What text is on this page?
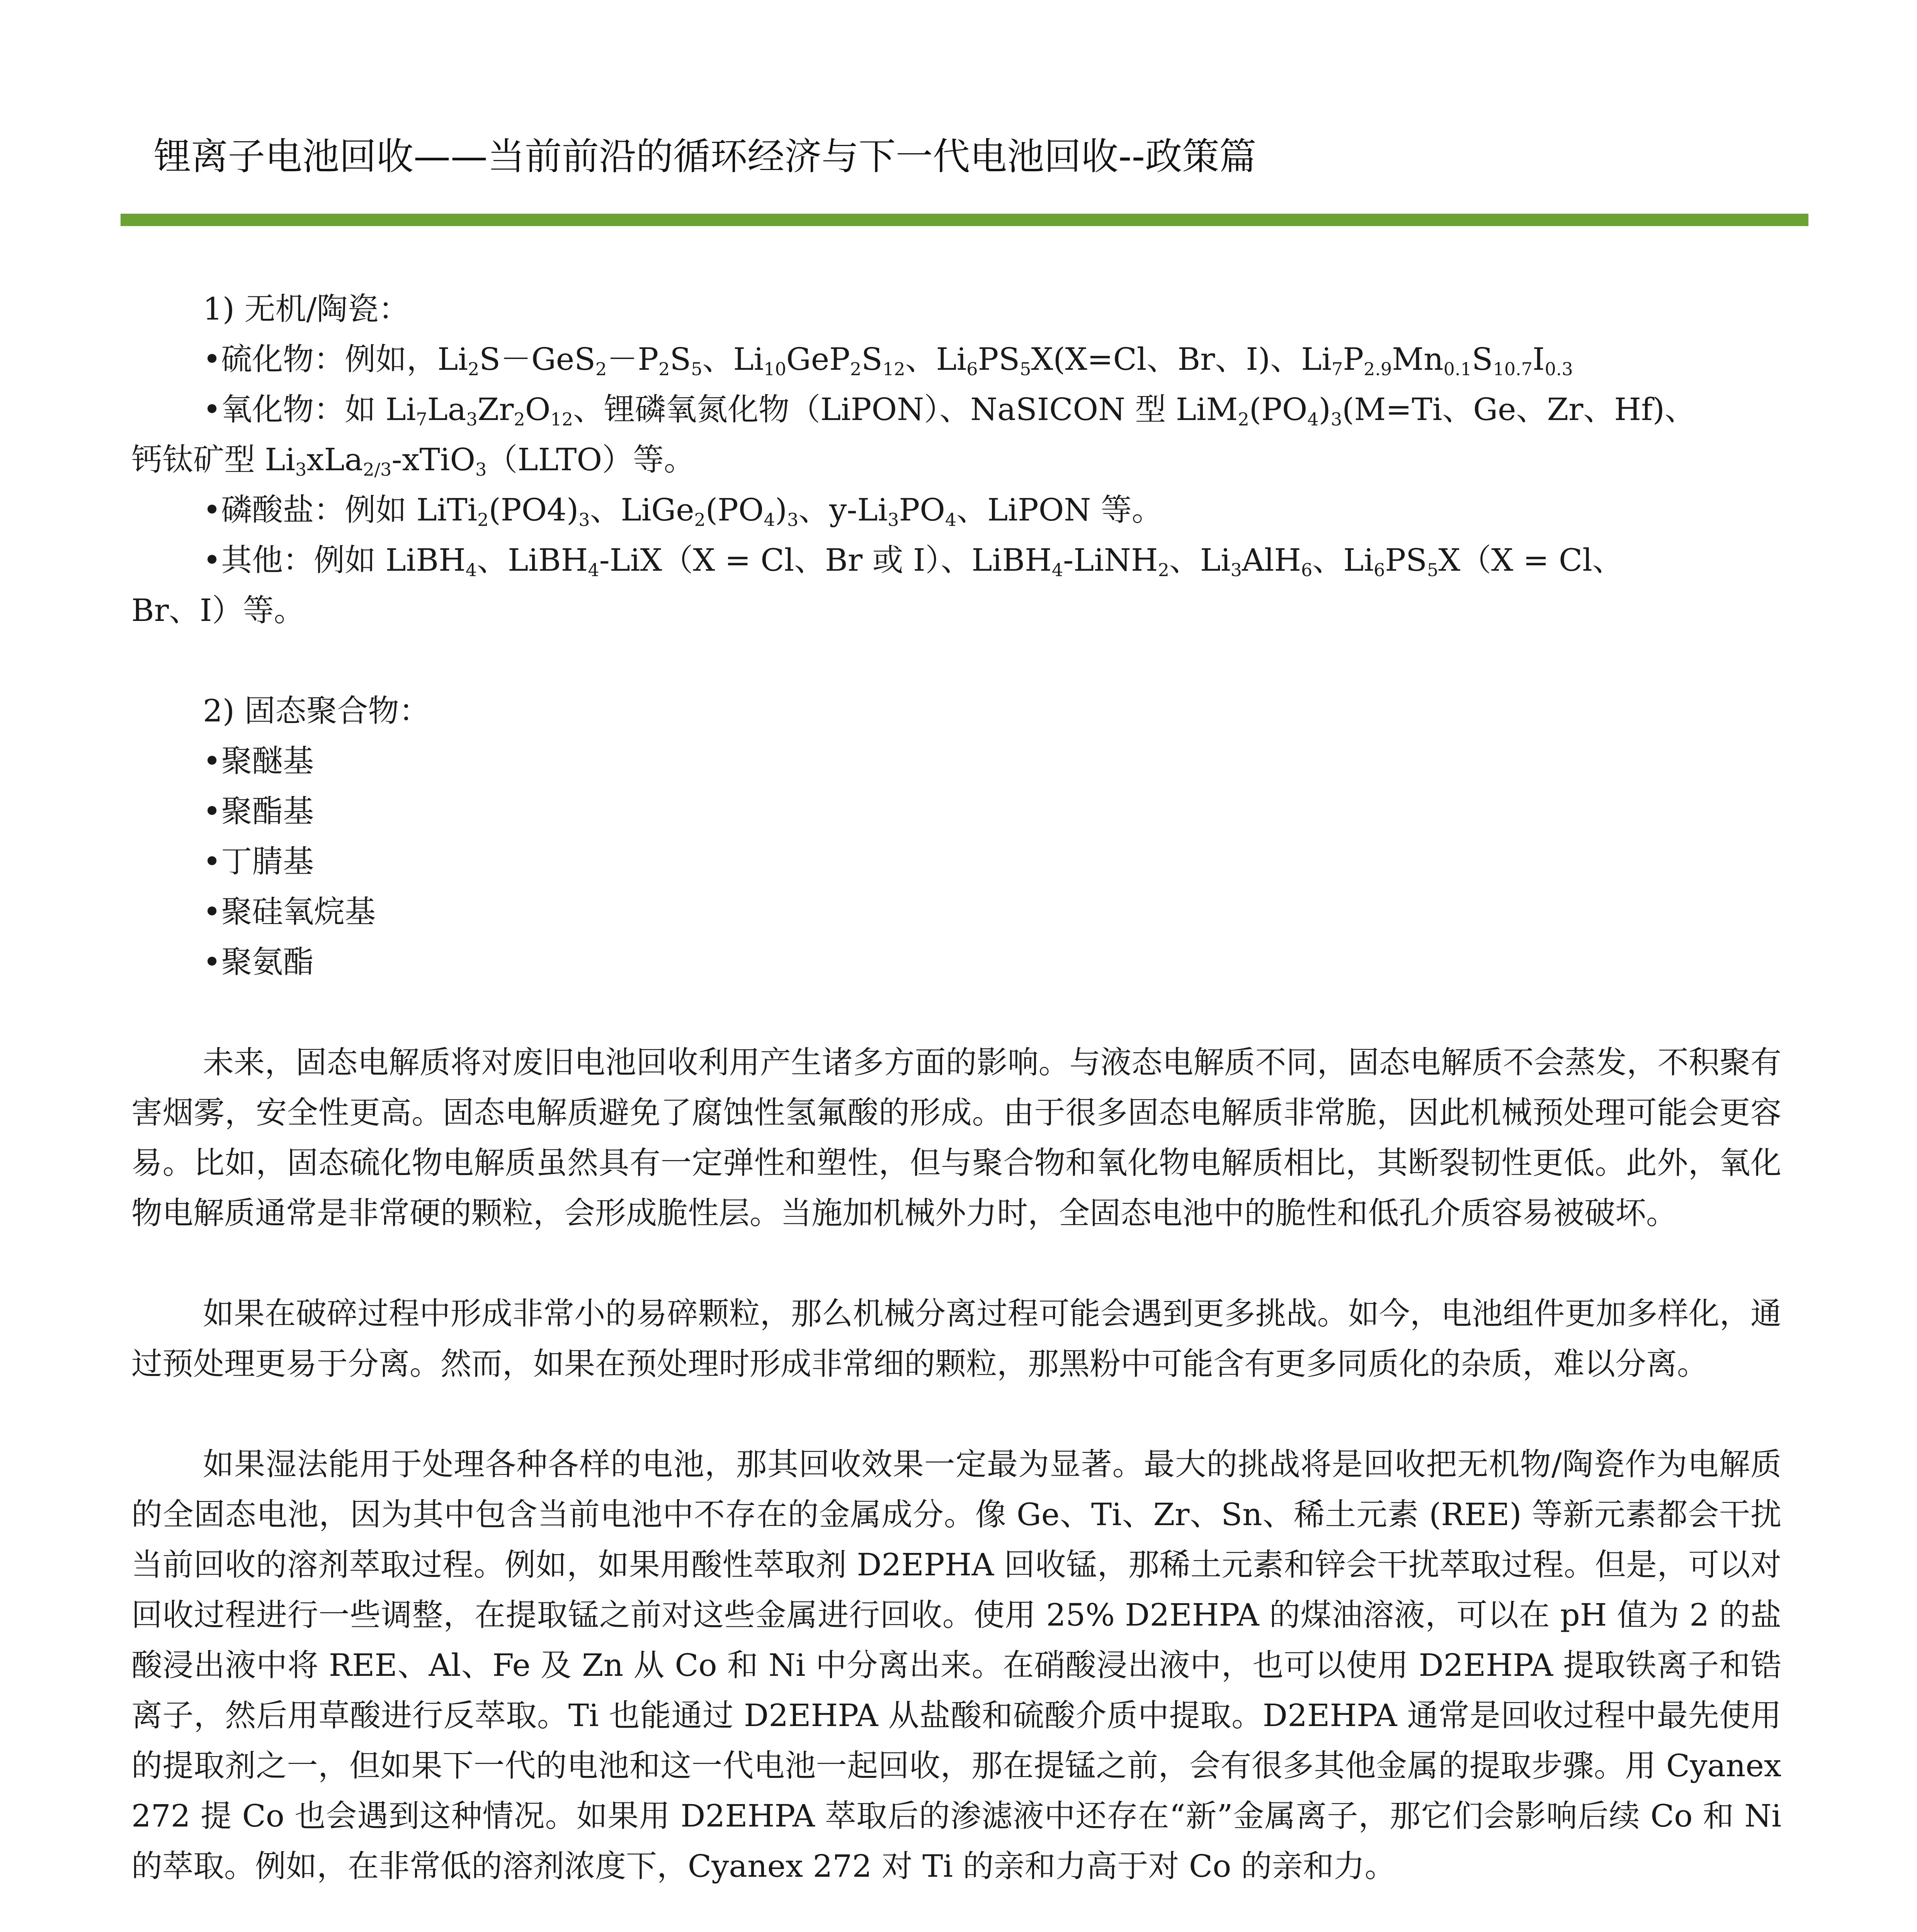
锂离子电池回收——当前前沿的循环经济与下一代电池回收--政策篇
1) 无机/陶瓷：
•硫化物：例如，$Li_2S-GeS_2-P_2S_5$、$Li_{10}GeP_2S_{12}$、$Li_6PS_5X(X=Cl$、Br、I)、$Li_7P_{2.9}Mn_{0.1}S_{10.7}I_{0.3}$
•氧化物：如 $Li_7La_3Zr_2O_{12}$、锂磷氧氮化物（LiPON）、NaSICON 型 $LiM_2(PO_4)_3(M=Ti$、Ge、Zr、Hf)、
钙钛矿型 $Li_3xLa_{2/3}-xTiO_3(LLTO)$等。
•磷酸盐：例如 $LiTi_2(PO4)_3$、$LiGe_2(PO_4)_3$、$y-Li_3PO_4$、LiPON 等。
•其他：例如 LiBH$_4$、LiBH$_4$-LiX（X = Cl、Br 或 I）、LiBH$_4$-LiNH$_2$、$Li_3AlH_6$、$Li_6PS_5X(X = Cl$、
Br、I）等。
2) 固态聚合物：
•聚醚基
•聚酯基
•丁腈基
•聚硅氧烷基
•聚氨酯

未来，固态电解质将对废旧电池回收利用产生诸多方面的影响。与液态电解质不同，固态电解质不会蒸发，不积聚有害烟雾，安全性更高。固态电解质避免了腐蚀性氢氟酸的形成。由于很多固态电解质非常脆，因此机械预处理可能会更容易。比如，固态硫化物电解质虽然具有一定弹性和塑性，但与聚合物和氧化物电解质相比，其断裂韧性更低。此外，氧化物电解质通常是非常硬的颗粒，会形成脆性层。当施加机械外力时，全固态电池中的脆性和低孔介质容易被破坏。

如果在破碎过程中形成非常小的易碎颗粒，那么机械分离过程可能会遇到更多挑战。如今，电池组件更加多样化，通过预处理更易于分离。然而，如果在预处理时形成非常细的颗粒，那黑粉中可能含有更多同质化的杂质，难以分离。

如果湿法能用于处理各种各样的电池，那其回收效果一定最为显著。最大的挑战将是回收把无机物/陶瓷作为电解质的全固态电池，因为其中包含当前电池中不存在的金属成分。像 Ge、Ti、Zr、Sn、稀土元素 (REE) 等新元素都会干扰当前回收的溶剂萃取过程。例如，如果用酸性萃取剂 D2EPHA 回收锰，那稀土元素和锌会干扰萃取过程。但是，可以对回收过程进行一些调整，在提取锰之前对这些金属进行回收。使用 25% D2EHPA 的煤油溶液，可以在 pH 值为 2 的盐酸浸出液中将 REE、Al、Fe 及 Zn 从 Co 和 Ni 中分离出来。在硝酸浸出液中，也可以使用 D2EHPA 提取铁离子和锆离子，然后用草酸进行反萃取。Ti 也能通过 D2EHPA 从盐酸和硫酸介质中提取。D2EHPA 通常是回收过程中最先使用的提取剂之一，但如果下一代的电池和这一代电池一起回收，那在提锰之前，会有很多其他金属的提取步骤。用 Cyanex 272 提 Co 也会遇到这种情况。如果用 D2EHPA 萃取后的渗滤液中还存在“新”金属离子，那它们会影响后续 Co 和 Ni 的萃取。例如，在非常低的溶剂浓度下，Cyanex 272 对 Ti 的亲和力高于对 Co 的亲和力。
